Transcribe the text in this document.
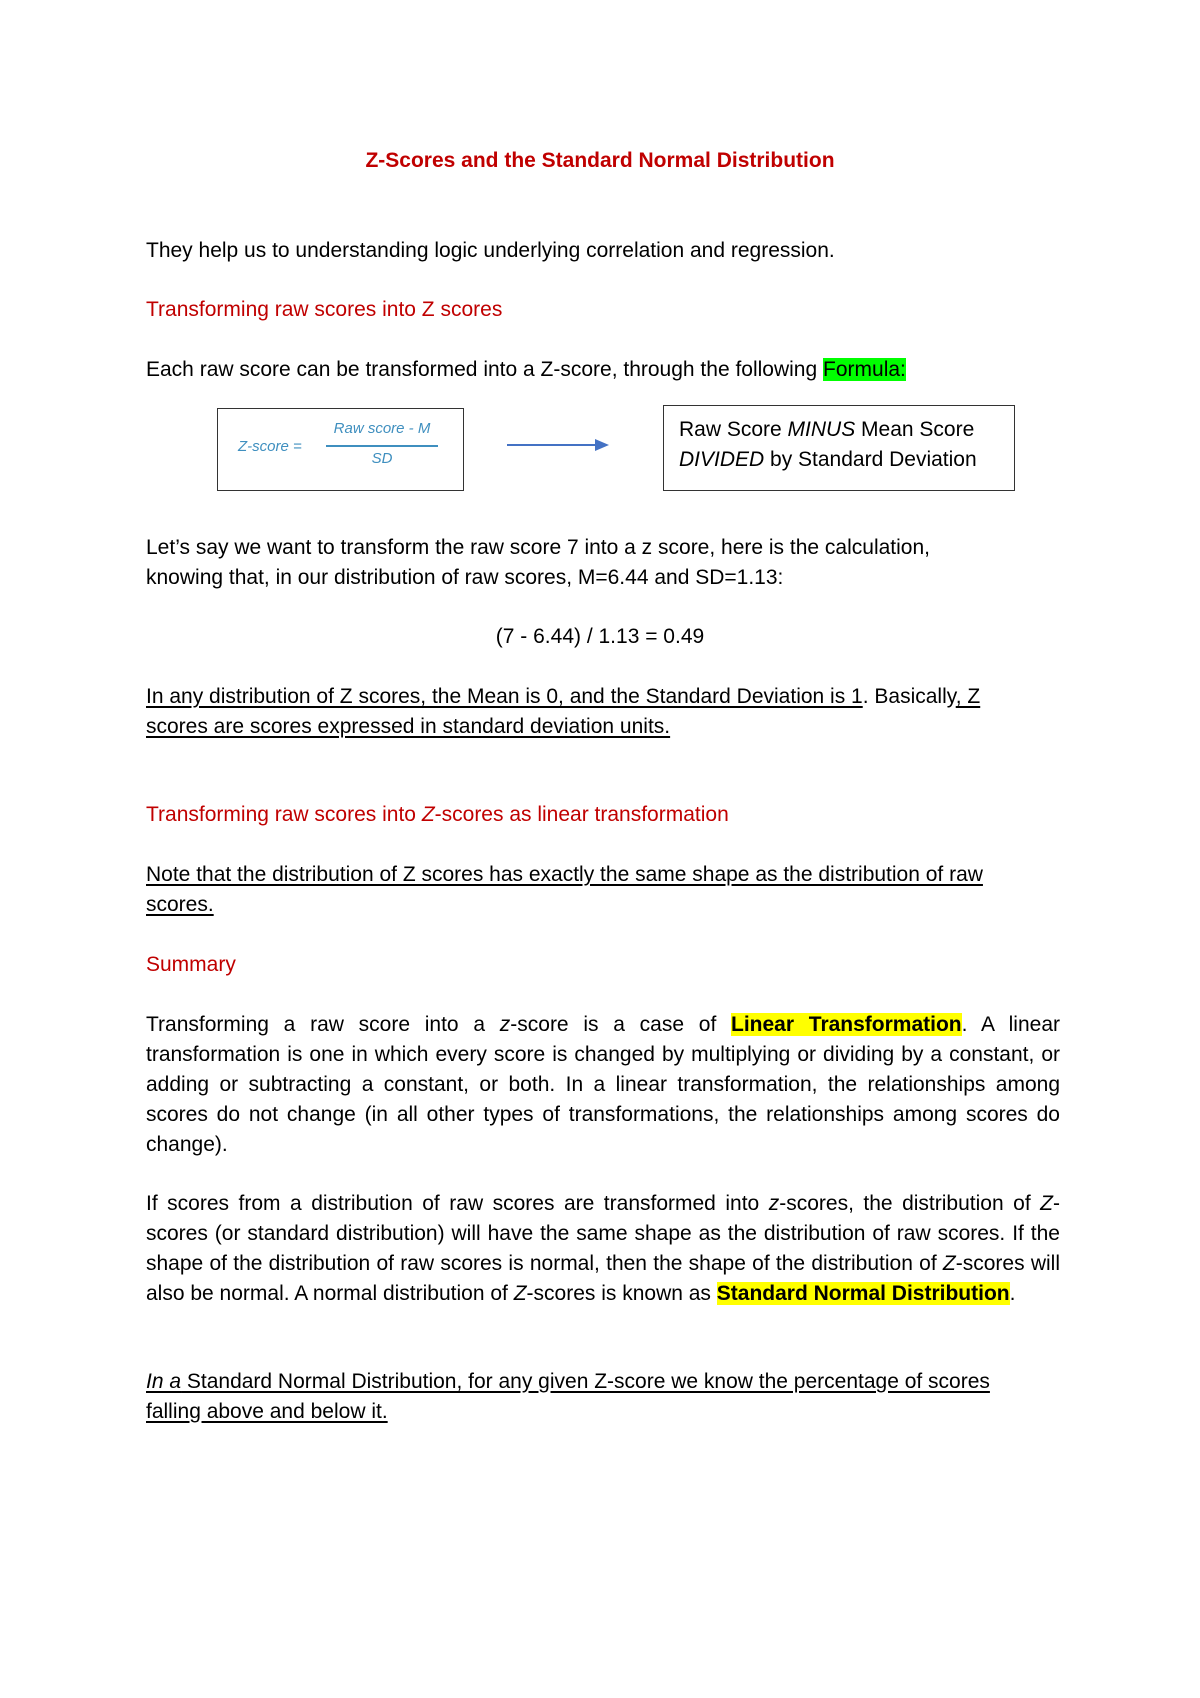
Z-Scores and the Standard Normal Distribution
They help us to understanding logic underlying correlation and regression.
Transforming raw scores into Z scores
Each raw score can be transformed into a Z-score, through the following Formula:
Z-score =
Raw score - M
SD
Raw Score MINUS Mean Score
DIVIDED by Standard Deviation
Let’s say we want to transform the raw score 7 into a z score, here is the calculation,
knowing that, in our distribution of raw scores, M=6.44 and SD=1.13:
(7 - 6.44) / 1.13 = 0.49
In any distribution of Z scores, the Mean is 0, and the Standard Deviation is 1. Basically, Z
scores are scores expressed in standard deviation units.
Transforming raw scores into Z-scores as linear transformation
Note that the distribution of Z scores has exactly the same shape as the distribution of raw
scores.
Summary
Transforming a raw score into a z-score is a case of Linear Transformation. A linear transformation is one in which every score is changed by multiplying or dividing by a constant, or adding or subtracting a constant, or both. In a linear transformation, the relationships among scores do not change (in all other types of transformations, the relationships among scores do change).
If scores from a distribution of raw scores are transformed into z-scores, the distribution of Z-scores (or standard distribution) will have the same shape as the distribution of raw scores. If the shape of the distribution of raw scores is normal, then the shape of the distribution of Z-scores will also be normal. A normal distribution of Z-scores is known as Standard Normal Distribution.
In a Standard Normal Distribution, for any given Z-score we know the percentage of scores
falling above and below it.
